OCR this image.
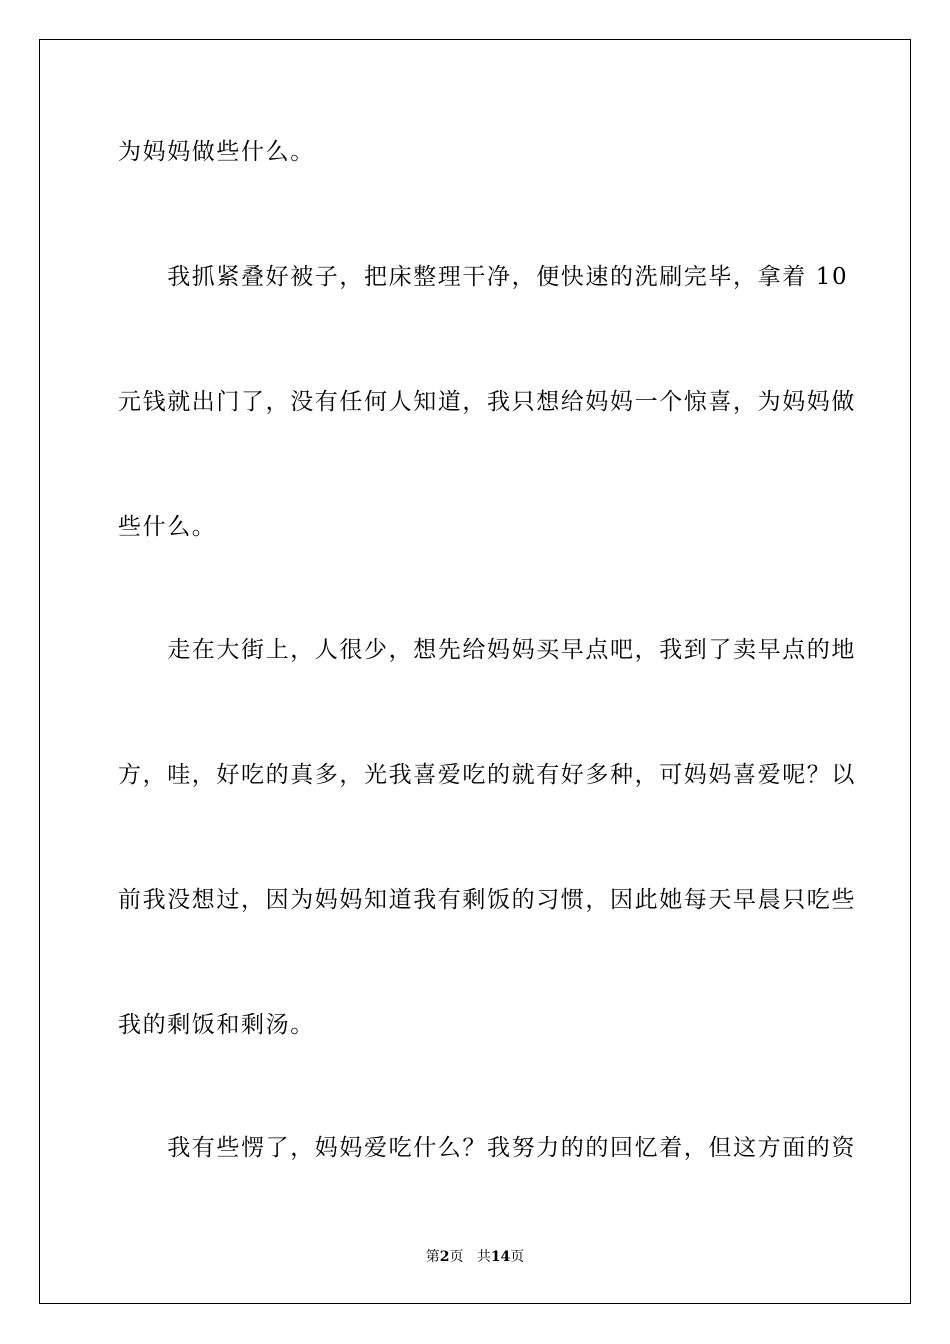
为妈妈做些什么。
　　我抓紧叠好被子，把床整理干净，便快速的洗刷完毕，拿着 10
元钱就出门了，没有任何人知道，我只想给妈妈一个惊喜，为妈妈做
些什么。
　　走在大街上，人很少，想先给妈妈买早点吧，我到了卖早点的地
方，哇，好吃的真多，光我喜爱吃的就有好多种，可妈妈喜爱呢？以
前我没想过，因为妈妈知道我有剩饭的习惯，因此她每天早晨只吃些
我的剩饭和剩汤。
　　我有些愣了，妈妈爱吃什么？我努力的的回忆着，但这方面的资
第2页 共14页
